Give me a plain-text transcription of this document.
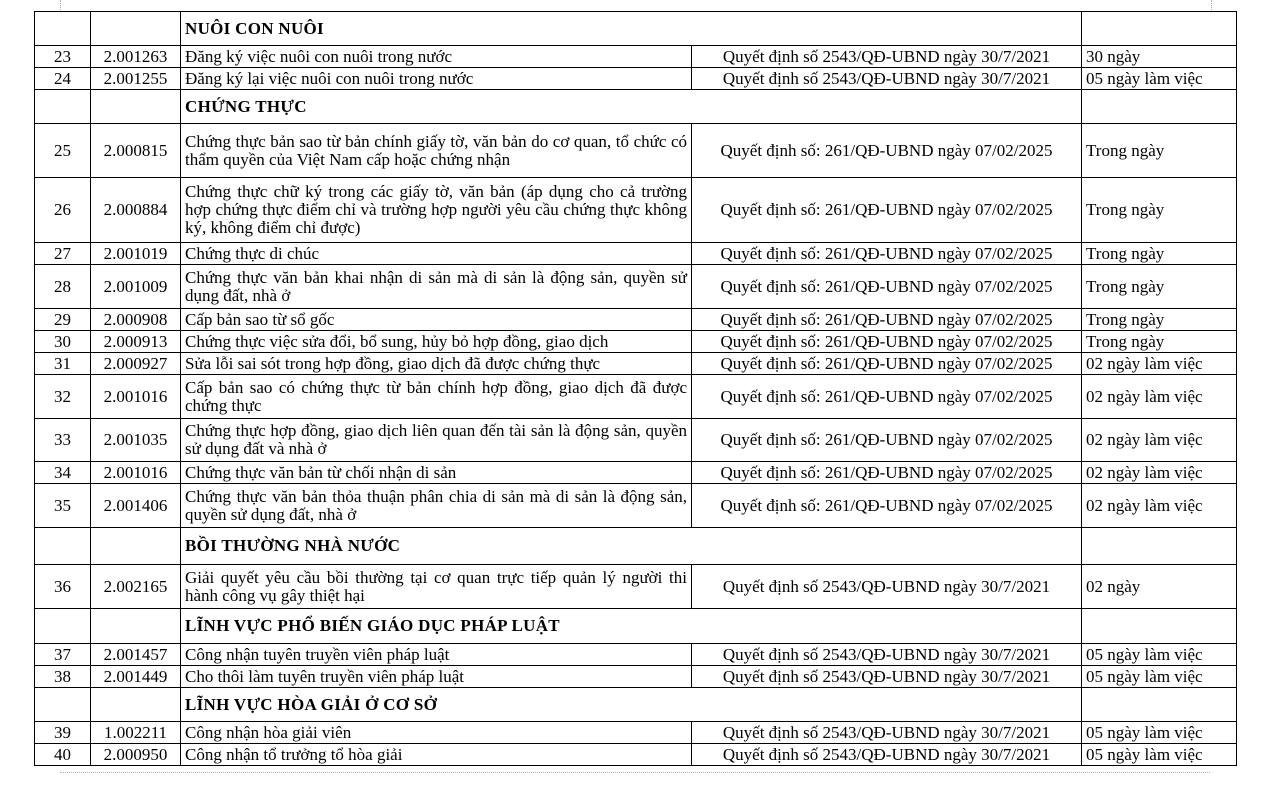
		NUÔI CON NUÔI		
23	2.001263	Đăng ký việc nuôi con nuôi trong nước	Quyết định số 2543/QĐ-UBND ngày 30/7/2021	30 ngày
24	2.001255	Đăng ký lại việc nuôi con nuôi trong nước	Quyết định số 2543/QĐ-UBND ngày 30/7/2021	05 ngày làm việc
		CHỨNG THỰC		
25	2.000815	Chứng thực bản sao từ bản chính giấy tờ, văn bản do cơ quan, tổ chức có thẩm quyền của Việt Nam cấp hoặc chứng nhận	Quyết định số: 261/QĐ-UBND ngày 07/02/2025	Trong ngày
26	2.000884	Chứng thực chữ ký trong các giấy tờ, văn bản (áp dụng cho cả trường hợp chứng thực điểm chỉ và trường hợp người yêu cầu chứng thực không ký, không điểm chỉ được)	Quyết định số: 261/QĐ-UBND ngày 07/02/2025	Trong ngày
27	2.001019	Chứng thực di chúc	Quyết định số: 261/QĐ-UBND ngày 07/02/2025	Trong ngày
28	2.001009	Chứng thực văn bản khai nhận di sản mà di sản là động sản, quyền sử dụng đất, nhà ở	Quyết định số: 261/QĐ-UBND ngày 07/02/2025	Trong ngày
29	2.000908	Cấp bản sao từ sổ gốc	Quyết định số: 261/QĐ-UBND ngày 07/02/2025	Trong ngày
30	2.000913	Chứng thực việc sửa đổi, bổ sung, hủy bỏ hợp đồng, giao dịch	Quyết định số: 261/QĐ-UBND ngày 07/02/2025	Trong ngày
31	2.000927	Sửa lỗi sai sót trong hợp đồng, giao dịch đã được chứng thực	Quyết định số: 261/QĐ-UBND ngày 07/02/2025	02 ngày làm việc
32	2.001016	Cấp bản sao có chứng thực từ bản chính hợp đồng, giao dịch đã được chứng thực	Quyết định số: 261/QĐ-UBND ngày 07/02/2025	02 ngày làm việc
33	2.001035	Chứng thực hợp đồng, giao dịch liên quan đến tài sản là động sản, quyền sử dụng đất và nhà ở	Quyết định số: 261/QĐ-UBND ngày 07/02/2025	02 ngày làm việc
34	2.001016	Chứng thực văn bản từ chối nhận di sản	Quyết định số: 261/QĐ-UBND ngày 07/02/2025	02 ngày làm việc
35	2.001406	Chứng thực văn bản thỏa thuận phân chia di sản mà di sản là động sản, quyền sử dụng đất, nhà ở	Quyết định số: 261/QĐ-UBND ngày 07/02/2025	02 ngày làm việc
		BỒI THƯỜNG NHÀ NƯỚC		
36	2.002165	Giải quyết yêu cầu bồi thường tại cơ quan trực tiếp quản lý người thi hành công vụ gây thiệt hại	Quyết định số 2543/QĐ-UBND ngày 30/7/2021	02 ngày
		LĨNH VỰC PHỔ BIẾN GIÁO DỤC PHÁP LUẬT		
37	2.001457	Công nhận tuyên truyền viên pháp luật	Quyết định số 2543/QĐ-UBND ngày 30/7/2021	05 ngày làm việc
38	2.001449	Cho thôi làm tuyên truyền viên pháp luật	Quyết định số 2543/QĐ-UBND ngày 30/7/2021	05 ngày làm việc
		LĨNH VỰC HÒA GIẢI Ở CƠ SỞ		
39	1.002211	Công nhận hòa giải viên	Quyết định số 2543/QĐ-UBND ngày 30/7/2021	05 ngày làm việc
40	2.000950	Công nhận tổ trưởng tổ hòa giải	Quyết định số 2543/QĐ-UBND ngày 30/7/2021	05 ngày làm việc
